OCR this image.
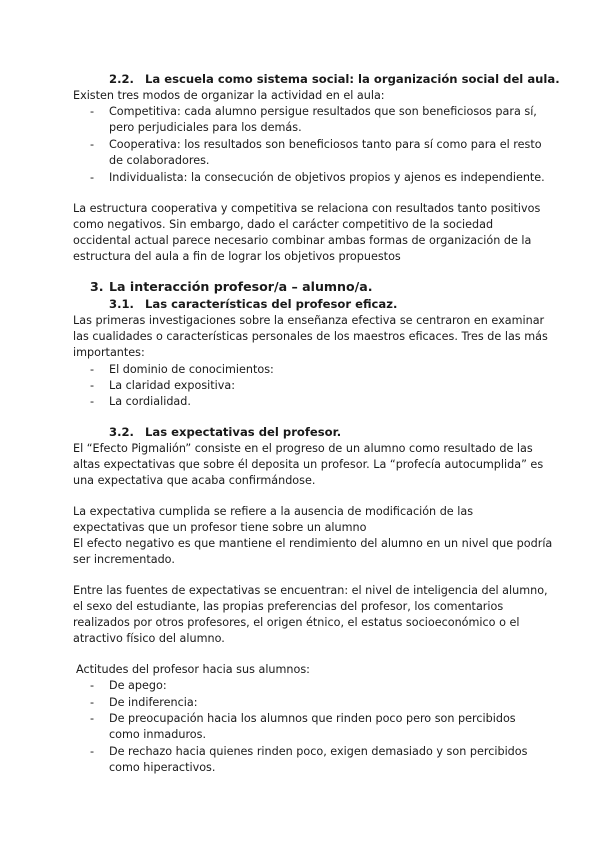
2.2. La escuela como sistema social: la organización social del aula.
Existen tres modos de organizar la actividad en el aula:
- Competitiva: cada alumno persigue resultados que son beneficiosos para sí,
pero perjudiciales para los demás.
- Cooperativa: los resultados son beneficiosos tanto para sí como para el resto
de colaboradores.
- Individualista: la consecución de objetivos propios y ajenos es independiente.
La estructura cooperativa y competitiva se relaciona con resultados tanto positivos
como negativos. Sin embargo, dado el carácter competitivo de la sociedad
occidental actual parece necesario combinar ambas formas de organización de la
estructura del aula a fin de lograr los objetivos propuestos
3. La interacción profesor/a – alumno/a.
3.1. Las características del profesor eficaz.
Las primeras investigaciones sobre la enseñanza efectiva se centraron en examinar
las cualidades o características personales de los maestros eficaces. Tres de las más
importantes:
- El dominio de conocimientos:
- La claridad expositiva:
- La cordialidad.
3.2. Las expectativas del profesor.
El “Efecto Pigmalión” consiste en el progreso de un alumno como resultado de las
altas expectativas que sobre él deposita un profesor. La “profecía autocumplida” es
una expectativa que acaba confirmándose.
La expectativa cumplida se refiere a la ausencia de modificación de las
expectativas que un profesor tiene sobre un alumno
El efecto negativo es que mantiene el rendimiento del alumno en un nivel que podría
ser incrementado.
Entre las fuentes de expectativas se encuentran: el nivel de inteligencia del alumno,
el sexo del estudiante, las propias preferencias del profesor, los comentarios
realizados por otros profesores, el origen étnico, el estatus socioeconómico o el
atractivo físico del alumno.
Actitudes del profesor hacia sus alumnos:
- De apego:
- De indiferencia:
- De preocupación hacia los alumnos que rinden poco pero son percibidos
como inmaduros.
- De rechazo hacia quienes rinden poco, exigen demasiado y son percibidos
como hiperactivos.
